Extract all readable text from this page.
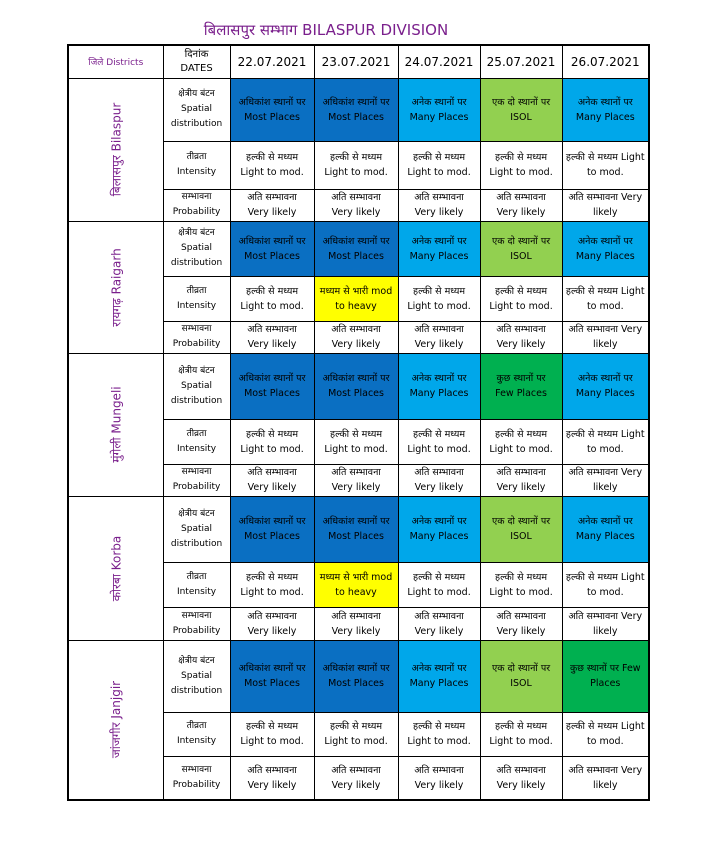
बिलासपुर सम्भाग BILASPUR DIVISION
जिले Districts	दिनांक
DATES	22.07.2021	23.07.2021	24.07.2021	25.07.2021	26.07.2021
बिलासपुर Bilaspur	क्षेत्रीय बंटन
Spatial
distribution	अधिकांश स्थानों पर
Most Places	अधिकांश स्थानों पर
Most Places	अनेक स्थानों पर
Many Places	एक दो स्थानों पर
ISOL	अनेक स्थानों पर
Many Places

	तीव्रता
Intensity	हल्की से मध्यम
Light to mod.	हल्की से मध्यम
Light to mod.	हल्की से मध्यम
Light to mod.	हल्की से मध्यम
Light to mod.	हल्की से मध्यम Light
to mod.

	सम्भावना
Probability	अति सम्भावना
Very likely	अति सम्भावना
Very likely	अति सम्भावना
Very likely	अति सम्भावना
Very likely	अति सम्भावना Very
likely

रायगढ़ Raigarh	क्षेत्रीय बंटन
Spatial
distribution	अधिकांश स्थानों पर
Most Places	अधिकांश स्थानों पर
Most Places	अनेक स्थानों पर
Many Places	एक दो स्थानों पर
ISOL	अनेक स्थानों पर
Many Places

	तीव्रता
Intensity	हल्की से मध्यम
Light to mod.	मध्यम से भारी mod
to heavy	हल्की से मध्यम
Light to mod.	हल्की से मध्यम
Light to mod.	हल्की से मध्यम Light
to mod.

	सम्भावना
Probability	अति सम्भावना
Very likely	अति सम्भावना
Very likely	अति सम्भावना
Very likely	अति सम्भावना
Very likely	अति सम्भावना Very
likely

मुंगेली Mungeli	क्षेत्रीय बंटन
Spatial
distribution	अधिकांश स्थानों पर
Most Places	अधिकांश स्थानों पर
Most Places	अनेक स्थानों पर
Many Places	कुछ स्थानों पर
Few Places	अनेक स्थानों पर
Many Places

	तीव्रता
Intensity	हल्की से मध्यम
Light to mod.	हल्की से मध्यम
Light to mod.	हल्की से मध्यम
Light to mod.	हल्की से मध्यम
Light to mod.	हल्की से मध्यम Light
to mod.

	सम्भावना
Probability	अति सम्भावना
Very likely	अति सम्भावना
Very likely	अति सम्भावना
Very likely	अति सम्भावना
Very likely	अति सम्भावना Very
likely

कोरबा Korba	क्षेत्रीय बंटन
Spatial
distribution	अधिकांश स्थानों पर
Most Places	अधिकांश स्थानों पर
Most Places	अनेक स्थानों पर
Many Places	एक दो स्थानों पर
ISOL	अनेक स्थानों पर
Many Places

	तीव्रता
Intensity	हल्की से मध्यम
Light to mod.	मध्यम से भारी mod
to heavy	हल्की से मध्यम
Light to mod.	हल्की से मध्यम
Light to mod.	हल्की से मध्यम Light
to mod.

	सम्भावना
Probability	अति सम्भावना
Very likely	अति सम्भावना
Very likely	अति सम्भावना
Very likely	अति सम्भावना
Very likely	अति सम्भावना Very
likely

जांजगीर Janjgir	क्षेत्रीय बंटन
Spatial
distribution	अधिकांश स्थानों पर
Most Places	अधिकांश स्थानों पर
Most Places	अनेक स्थानों पर
Many Places	एक दो स्थानों पर
ISOL	कुछ स्थानों पर Few
Places

	तीव्रता
Intensity	हल्की से मध्यम
Light to mod.	हल्की से मध्यम
Light to mod.	हल्की से मध्यम
Light to mod.	हल्की से मध्यम
Light to mod.	हल्की से मध्यम Light
to mod.

	सम्भावना
Probability	अति सम्भावना
Very likely	अति सम्भावना
Very likely	अति सम्भावना
Very likely	अति सम्भावना
Very likely	अति सम्भावना Very
likely
